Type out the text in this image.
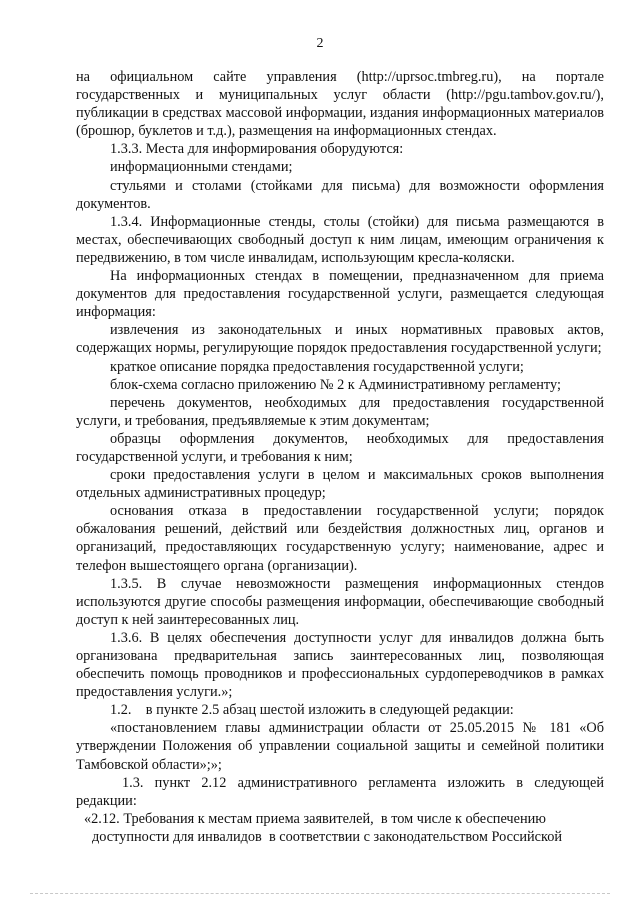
2

на официальном сайте управления (http://uprsoc.tmbreg.ru), на портале государственных и муниципальных услуг области (http://pgu.tambov.gov.ru/), публикации в средствах массовой информации, издания информационных материалов (брошюр, буклетов и т.д.), размещения на информационных стендах.

1.3.3. Места для информирования оборудуются:

информационными стендами;

стульями и столами (стойками для письма) для возможности оформления документов.

1.3.4. Информационные стенды, столы (стойки) для письма размещаются в местах, обеспечивающих свободный доступ к ним лицам, имеющим ограничения к передвижению, в том числе инвалидам, использующим кресла-коляски.

На информационных стендах в помещении, предназначенном для приема документов для предоставления государственной услуги, размещается следующая информация:

извлечения из законодательных и иных нормативных правовых актов, содержащих нормы, регулирующие порядок предоставления государственной услуги;

краткое описание порядка предоставления государственной услуги;

блок-схема согласно приложению № 2 к Административному регламенту;

перечень документов, необходимых для предоставления государственной услуги, и требования, предъявляемые к этим документам;

образцы оформления документов, необходимых для предоставления государственной услуги, и требования к ним;

сроки предоставления услуги в целом и максимальных сроков выполнения отдельных административных процедур;

основания отказа в предоставлении государственной услуги; порядок обжалования решений, действий или бездействия должностных лиц, органов и организаций, предоставляющих государственную услугу; наименование, адрес и телефон вышестоящего органа (организации).

1.3.5. В случае невозможности размещения информационных стендов используются другие способы размещения информации, обеспечивающие свободный доступ к ней заинтересованных лиц.

1.3.6. В целях обеспечения доступности услуг для инвалидов должна быть организована предварительная запись заинтересованных лиц, позволяющая обеспечить помощь проводников и профессиональных сурдопереводчиков в рамках предоставления услуги.»;

1.2.    в пункте 2.5 абзац шестой изложить в следующей редакции:

«постановлением главы администрации области от 25.05.2015 № 181 «Об утверждении Положения об управлении социальной защиты и семейной политики Тамбовской области»;»;

1.3. пункт 2.12 административного регламента изложить в следующей редакции:

«2.12. Требования к местам приема заявителей,  в том числе к обеспечению

доступности для инвалидов  в соответствии с законодательством Российской
